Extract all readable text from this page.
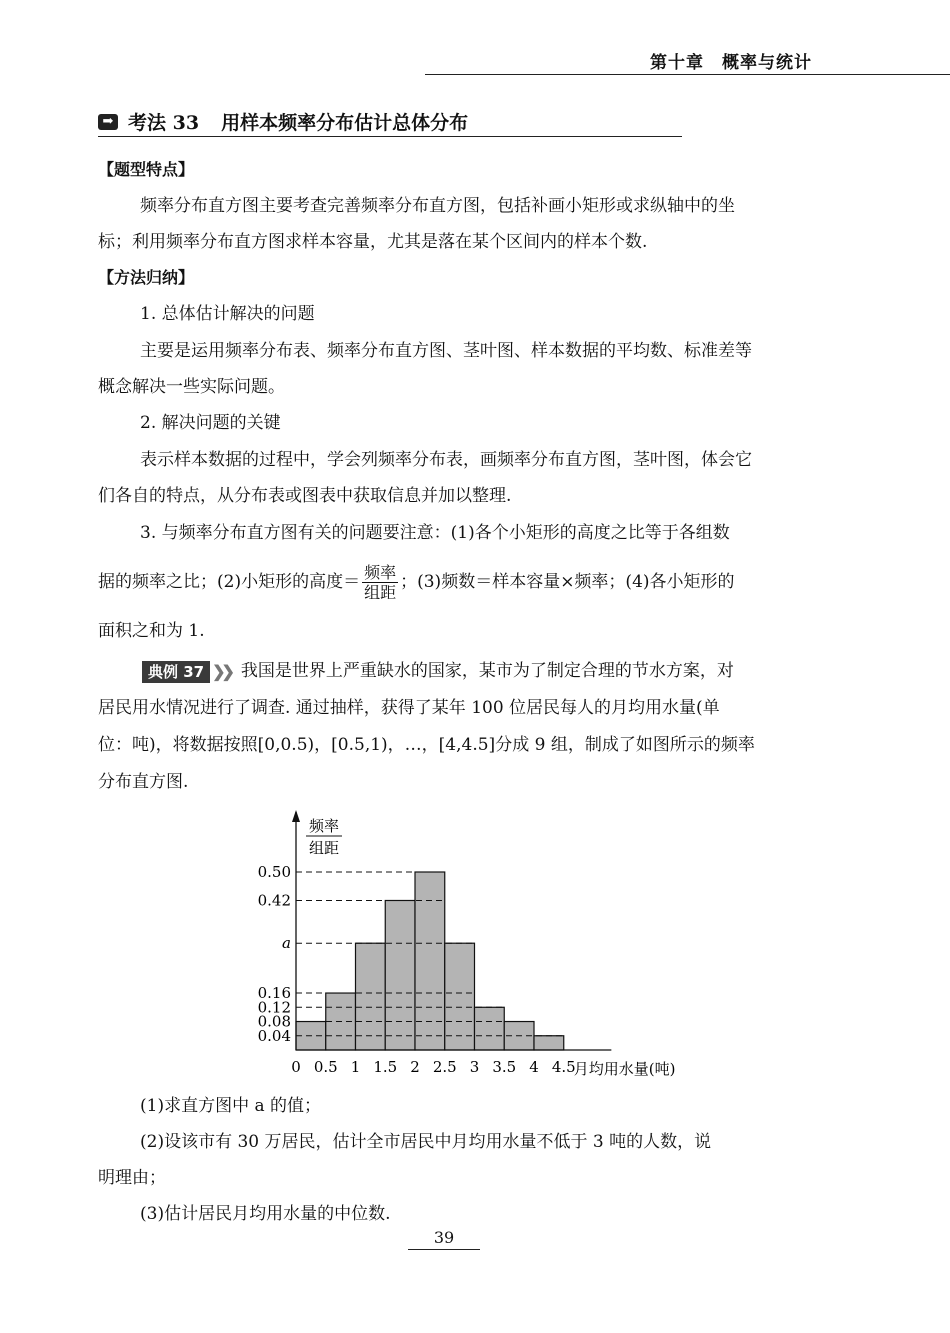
第十章　概率与统计
➡ 考法 33 用样本频率分布估计总体分布
【题型特点】
频率分布直方图主要考查完善频率分布直方图，包括补画小矩形或求纵轴中的坐
标；利用频率分布直方图求样本容量，尤其是落在某个区间内的样本个数.
【方法归纳】
1. 总体估计解决的问题
主要是运用频率分布表、频率分布直方图、茎叶图、样本数据的平均数、标准差等
概念解决一些实际问题。
2. 解决问题的关键
表示样本数据的过程中，学会列频率分布表，画频率分布直方图，茎叶图，体会它
们各自的特点，从分布表或图表中获取信息并加以整理.
3. 与频率分布直方图有关的问题要注意：(1)各个小矩形的高度之比等于各组数
据的频率之比；(2)小矩形的高度＝ $\frac{\text{频率}}{\text{组距}}$ ；(3)频数＝样本容量×频率；(4)各小矩形的
面积之和为 1.
典例 37 ❯❯ 我国是世界上严重缺水的国家，某市为了制定合理的节水方案，对
居民用水情况进行了调查. 通过抽样，获得了某年 100 位居民每人的月均用水量(单
位：吨)，将数据按照[0,0.5)，[0.5,1)，…，[4,4.5]分成 9 组，制成了如图所示的频率
分布直方图.
0.50
0.42
a
0.16
0.12
0.08
0.04
0 0.5 1 1.5 2 2.5 3 3.5 4 4.5
月均用水量(吨)
频率
组距
(1)求直方图中 a 的值；
(2)设该市有 30 万居民，估计全市居民中月均用水量不低于 3 吨的人数，说
明理由；
(3)估计居民月均用水量的中位数.
39
